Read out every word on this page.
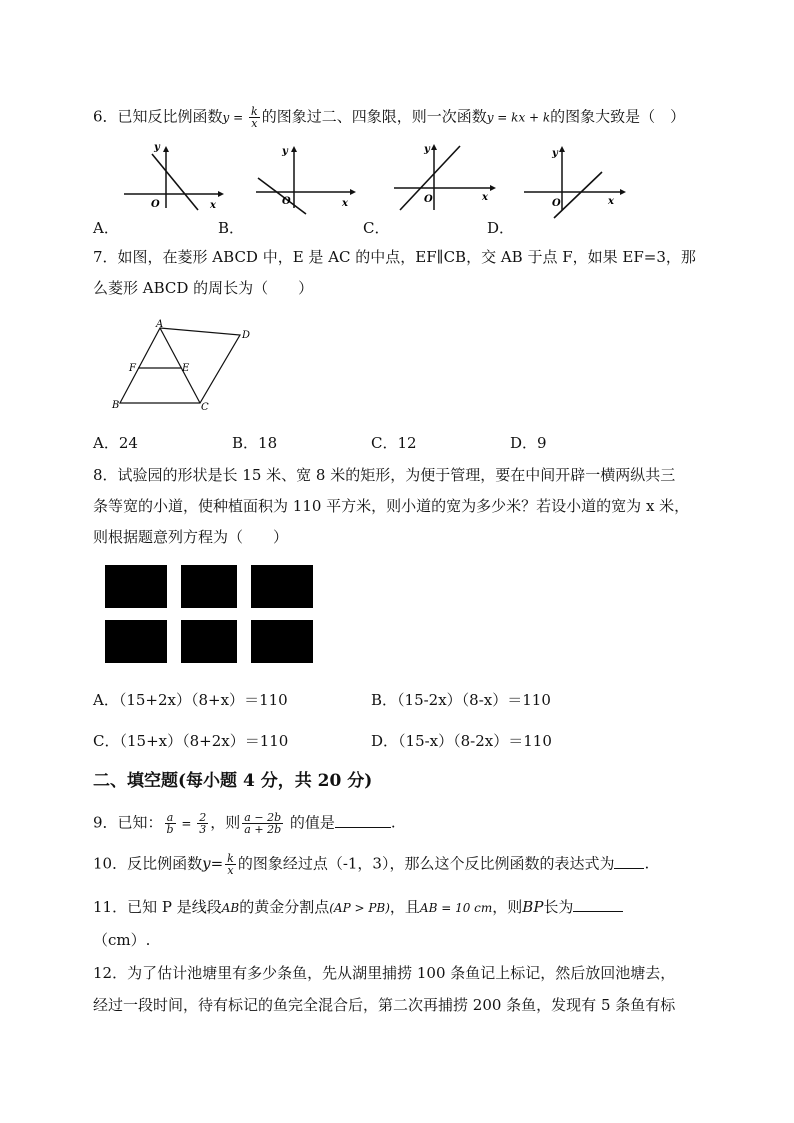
6．已知反比例函数$y = \frac{k}{x}$ 的图象过二、四象限，则一次函数y = kx + k的图象大致是（　）
y
x
O
y
x
O
y
x
O
y
x
O
A．	B．	C．	D．
7．如图，在菱形 ABCD 中，E 是 AC 的中点，EF∥CB，交 AB 于点 F，如果 EF=3，那
么菱形 ABCD 的周长为（　　）
A
D
B	C
F	E
A．24	B．18	C．12	D．9
8．试验园的形状是长 15 米、宽 8 米的矩形，为便于管理，要在中间开辟一横两纵共三
条等宽的小道，使种植面积为 110 平方米，则小道的宽为多少米？若设小道的宽为 x 米，
则根据题意列方程为（　　）
A．（15+2x）（8+x）＝110	B．（15-2x）（8-x）＝110
C．（15+x）（8+2x）＝110	D．（15-x）（8-2x）＝110
二、填空题(每小题 4 分，共 20 分)
9．已知： $\frac{a}{b} = \frac{2}{3}$ ，则 $\frac{a - 2b}{a + 2b}$ 的值是	.
10．反比例函数$y= \frac{k}{x}$ 的图象经过点（-1，3），那么这个反比例函数的表达式为 .
11．已知 P 是线段AB的黄金分割点(AP > PB)，且AB = 10 cm，则BP长为
（cm）.
12．为了估计池塘里有多少条鱼，先从湖里捕捞 100 条鱼记上标记，然后放回池塘去，
经过一段时间，待有标记的鱼完全混合后，第二次再捕捞 200 条鱼，发现有 5 条鱼有标
